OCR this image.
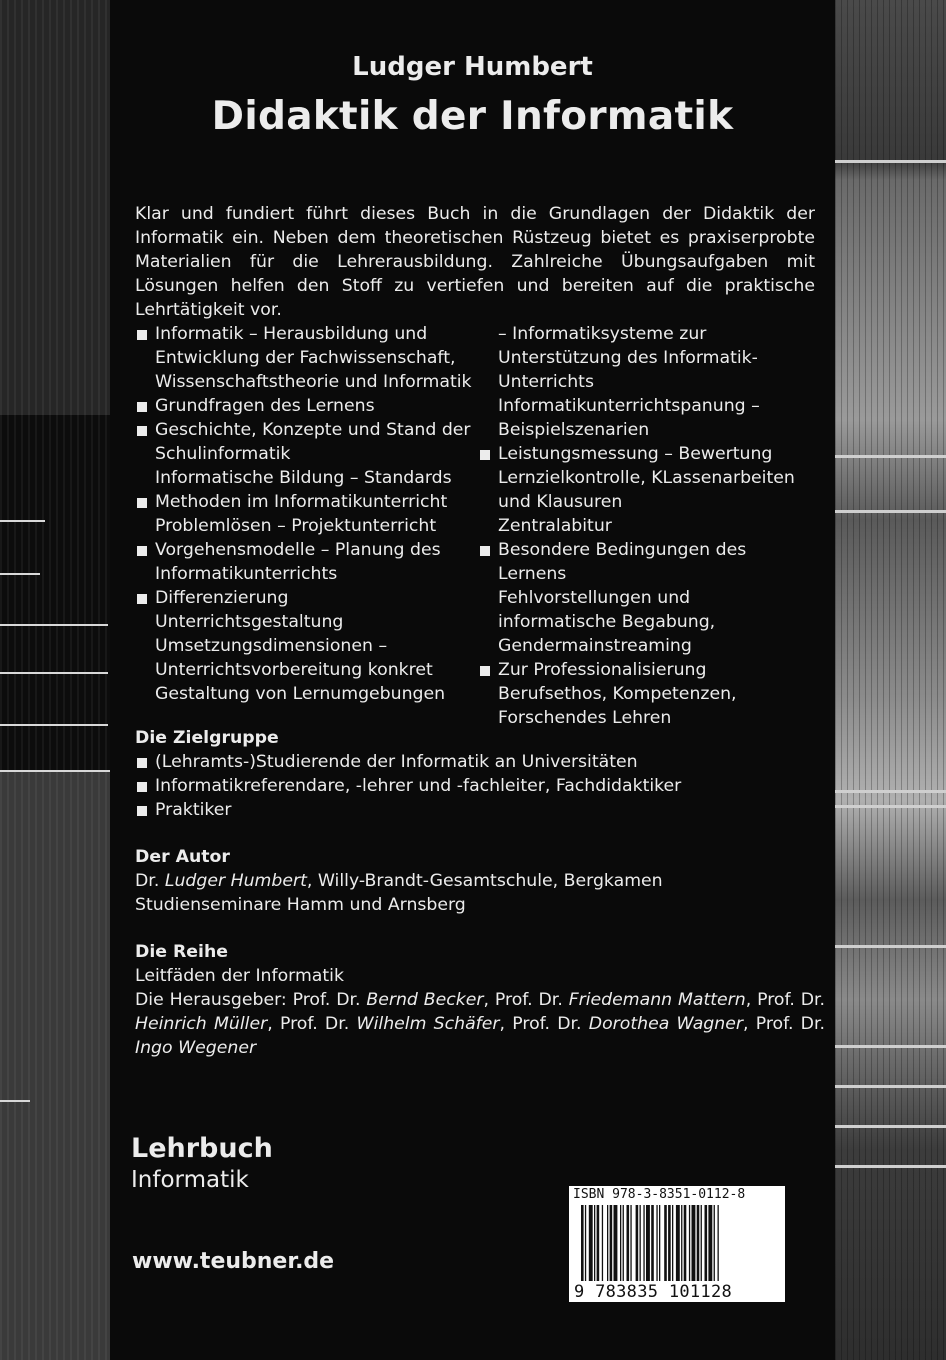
Ludger Humbert
Didaktik der Informatik
Klar und fundiert führt dieses Buch in die Grundlagen der Didaktik der Informatik ein. Neben dem theoretischen Rüstzeug bietet es praxiserprobte Materialien für die Lehrerausbildung. Zahlreiche Übungsaufgaben mit Lösungen helfen den Stoff zu vertiefen und bereiten auf die praktische Lehrtätigkeit vor.
Informatik – Herausbildung und Entwicklung der Fachwissenschaft, Wissenschaftstheorie und Informatik
Grundfragen des Lernens
Geschichte, Konzepte und Stand der Schulinformatik
Informatische Bildung – Standards
Methoden im Informatikunterricht
Problemlösen – Projektunterricht
Vorgehensmodelle – Planung des Informatikunterrichts
Differenzierung Unterrichtsgestaltung
Umsetzungsdimensionen – Unterrichtsvorbereitung konkret
Gestaltung von Lernumgebungen
– Informatiksysteme zur Unterstützung des Informatik-Unterrichts
Informatikunterrichtspanung – Beispielszenarien
Leistungsmessung – Bewertung
Lernzielkontrolle, KLassenarbeiten und Klausuren
Zentralabitur
Besondere Bedingungen des Lernens
Fehlvorstellungen und informatische Begabung, Gendermainstreaming
Zur Professionalisierung
Berufsethos, Kompetenzen, Forschendes Lehren
Die Zielgruppe
(Lehramts-)Studierende der Informatik an Universitäten
Informatikreferendare, -lehrer und -fachleiter, Fachdidaktiker
Praktiker
Der Autor
Dr. Ludger Humbert, Willy-Brandt-Gesamtschule, Bergkamen
Studienseminare Hamm und Arnsberg
Die Reihe
Leitfäden der Informatik
Die Herausgeber: Prof. Dr. Bernd Becker, Prof. Dr. Friedemann Mattern, Prof. Dr. Heinrich Müller, Prof. Dr. Wilhelm Schäfer, Prof. Dr. Dorothea Wagner, Prof. Dr. Ingo Wegener
Lehrbuch
Informatik
www.teubner.de
ISBN 978-3-8351-0112-8
9 783835 101128
